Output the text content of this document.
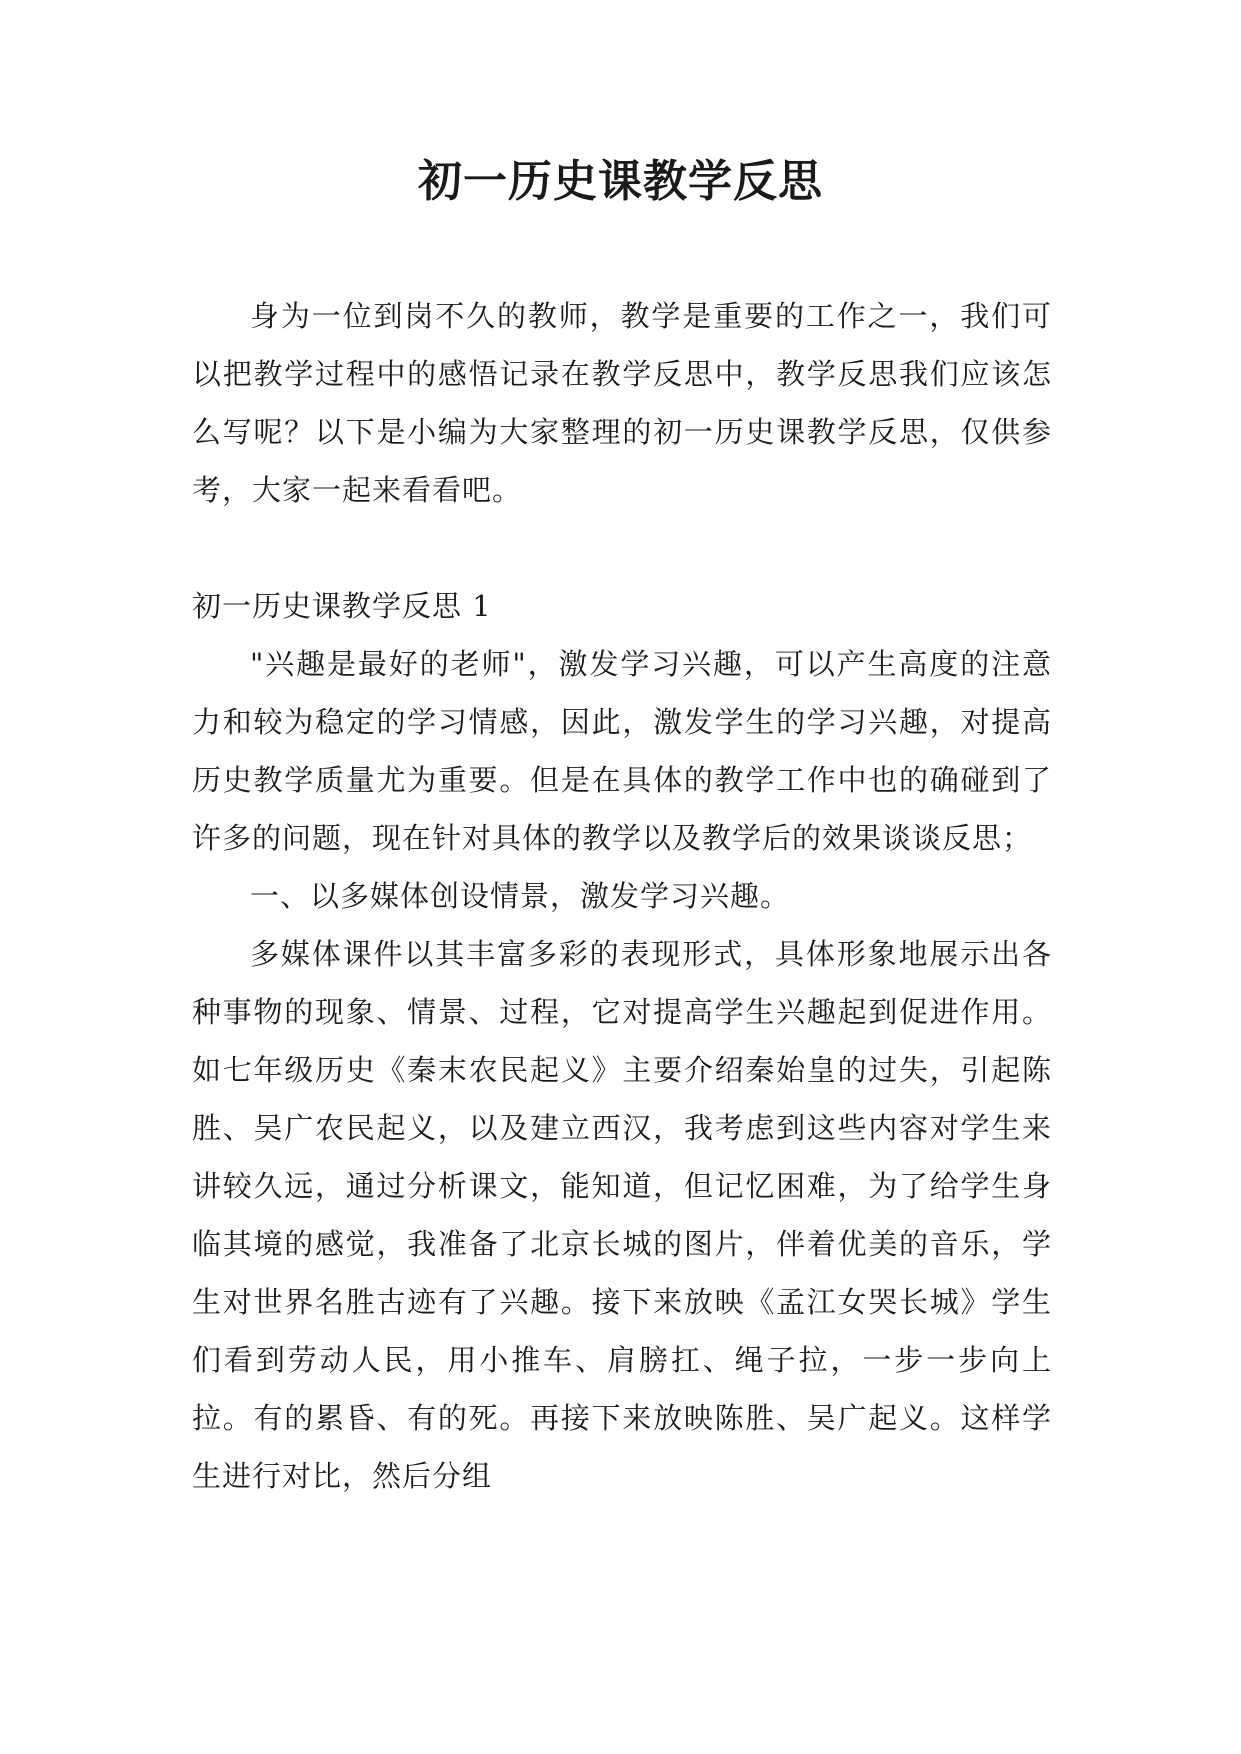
初一历史课教学反思

身为一位到岗不久的教师，教学是重要的工作之一，我们可以把教学过程中的感悟记录在教学反思中，教学反思我们应该怎么写呢？以下是小编为大家整理的初一历史课教学反思，仅供参考，大家一起来看看吧。

初一历史课教学反思 1

"兴趣是最好的老师"，激发学习兴趣，可以产生高度的注意力和较为稳定的学习情感，因此，激发学生的学习兴趣，对提高历史教学质量尤为重要。但是在具体的教学工作中也的确碰到了许多的问题，现在针对具体的教学以及教学后的效果谈谈反思；

一、以多媒体创设情景，激发学习兴趣。

多媒体课件以其丰富多彩的表现形式，具体形象地展示出各种事物的现象、情景、过程，它对提高学生兴趣起到促进作用。如七年级历史《秦末农民起义》主要介绍秦始皇的过失，引起陈胜、吴广农民起义，以及建立西汉，我考虑到这些内容对学生来讲较久远，通过分析课文，能知道，但记忆困难，为了给学生身临其境的感觉，我准备了北京长城的图片，伴着优美的音乐，学生对世界名胜古迹有了兴趣。接下来放映《孟江女哭长城》学生们看到劳动人民，用小推车、肩膀扛、绳子拉，一步一步向上拉。有的累昏、有的死。再接下来放映陈胜、吴广起义。这样学生进行对比，然后分组
